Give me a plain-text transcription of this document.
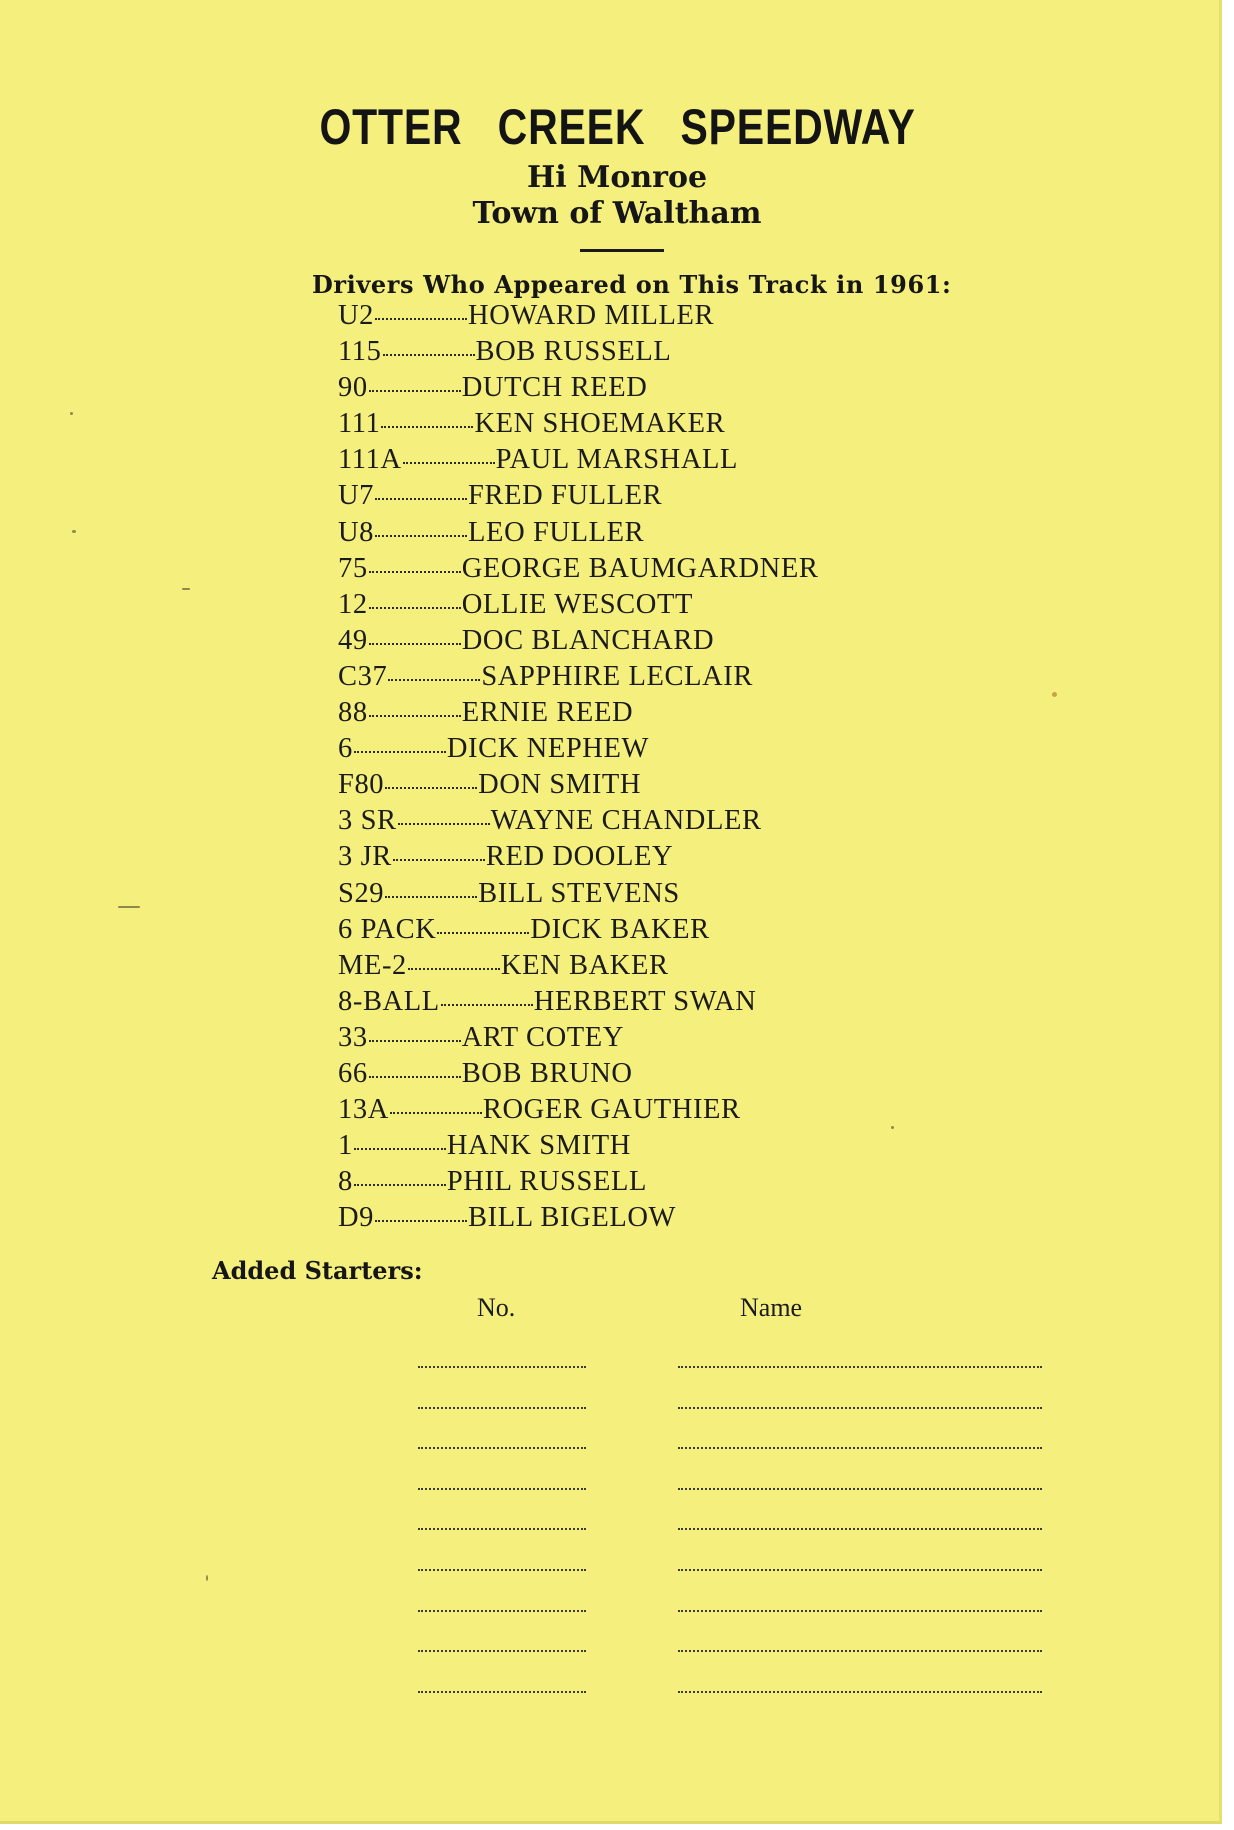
OTTER CREEK SPEEDWAY
Hi Monroe
Town of Waltham
Drivers Who Appeared on This Track in 1961:
U2	HOWARD MILLER
115	BOB RUSSELL
90	DUTCH REED
111	KEN SHOEMAKER
111A	PAUL MARSHALL
U7	FRED FULLER
U8	LEO FULLER
75	GEORGE BAUMGARDNER
12	OLLIE WESCOTT
49	DOC BLANCHARD
C37	SAPPHIRE LECLAIR
88	ERNIE REED
6	DICK NEPHEW
F80	DON SMITH
3 SR	WAYNE CHANDLER
3 JR	RED DOOLEY
S29	BILL STEVENS
6 PACK	DICK BAKER
ME-2	KEN BAKER
8-BALL	HERBERT SWAN
33	ART COTEY
66	BOB BRUNO
13A	ROGER GAUTHIER
1	HANK SMITH
8	PHIL RUSSELL
D9	BILL BIGELOW
Added Starters:
No.	Name
